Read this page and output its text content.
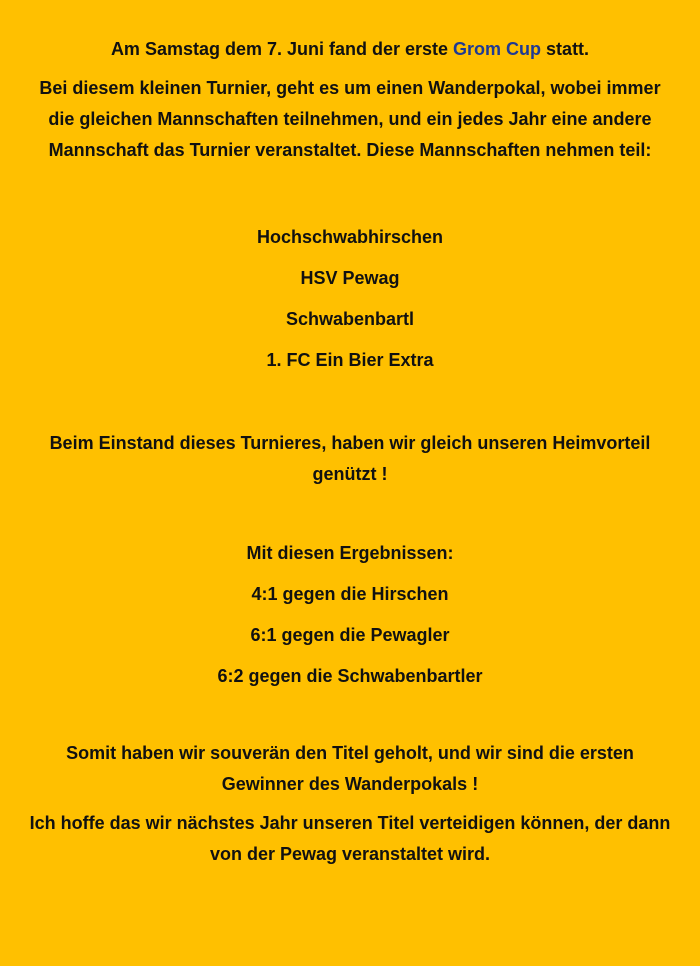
Am Samstag dem 7. Juni fand der erste Grom Cup statt.

Bei diesem kleinen Turnier, geht es um einen Wanderpokal, wobei immer die gleichen Mannschaften teilnehmen, und ein jedes Jahr eine andere Mannschaft das Turnier veranstaltet. Diese Mannschaften nehmen teil:

Hochschwabhirschen

HSV Pewag

Schwabenbartl

1. FC Ein Bier Extra

Beim Einstand dieses Turnieres, haben wir gleich unseren Heimvorteil genützt !

Mit diesen Ergebnissen:

4:1 gegen die Hirschen

6:1 gegen die Pewagler

6:2 gegen die Schwabenbartler

Somit haben wir souverän den Titel geholt, und wir sind die ersten Gewinner des Wanderpokals !

Ich hoffe das wir nächstes Jahr unseren Titel verteidigen können, der dann von der Pewag veranstaltet wird.
